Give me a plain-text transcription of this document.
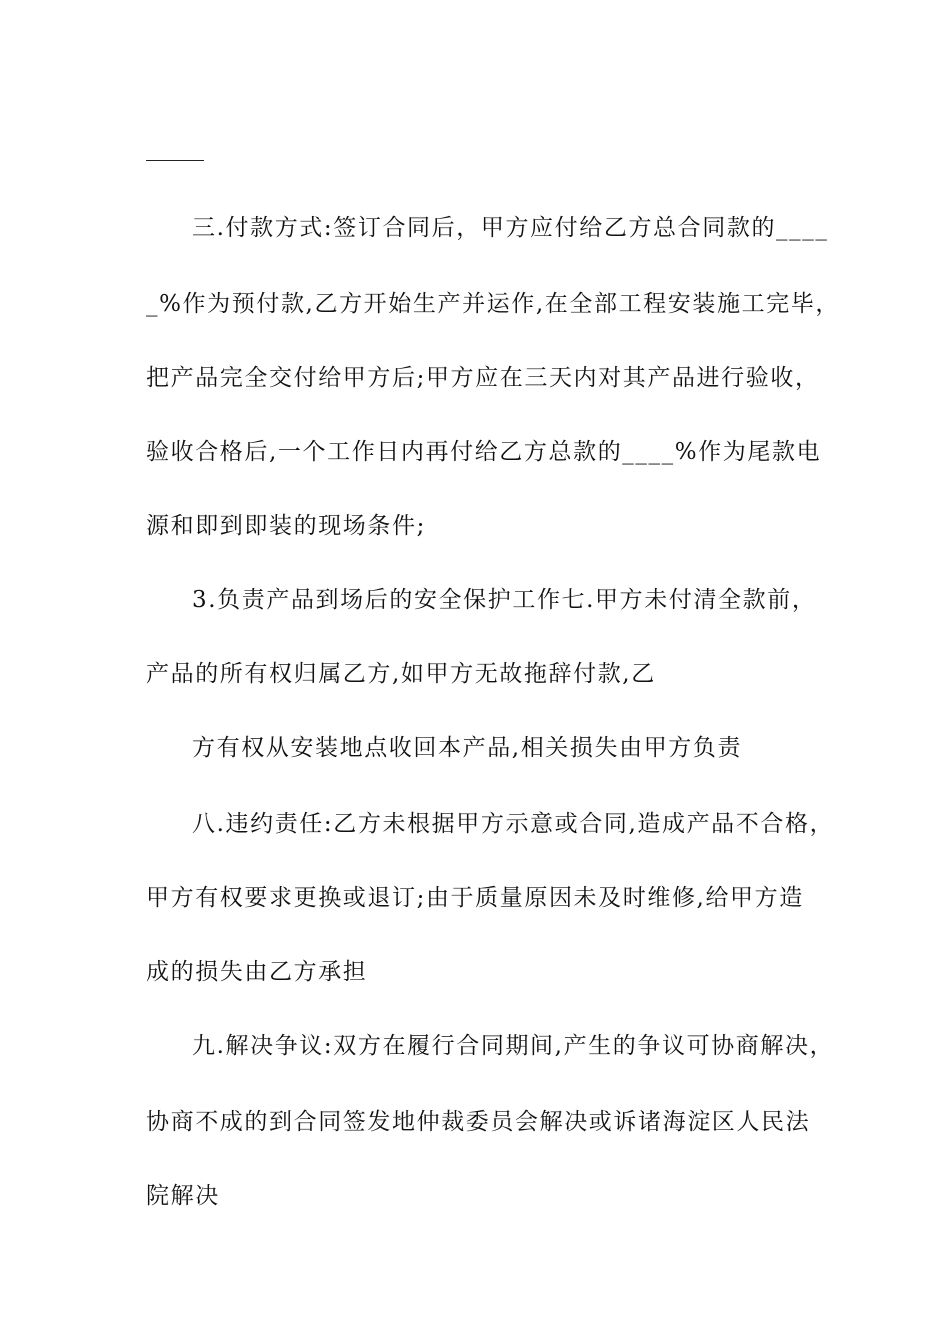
三.付款方式:签订合同后，甲方应付给乙方总合同款的____
_%作为预付款,乙方开始生产并运作,在全部工程安装施工完毕，
把产品完全交付给甲方后;甲方应在三天内对其产品进行验收，
验收合格后,一个工作日内再付给乙方总款的____%作为尾款电
源和即到即装的现场条件;
3.负责产品到场后的安全保护工作七.甲方未付清全款前，
产品的所有权归属乙方,如甲方无故拖辞付款,乙
方有权从安装地点收回本产品,相关损失由甲方负责
八.违约责任:乙方未根据甲方示意或合同,造成产品不合格，
甲方有权要求更换或退订;由于质量原因未及时维修,给甲方造
成的损失由乙方承担
九.解决争议:双方在履行合同期间,产生的争议可协商解决，
协商不成的到合同签发地仲裁委员会解决或诉诸海淀区人民法
院解决
